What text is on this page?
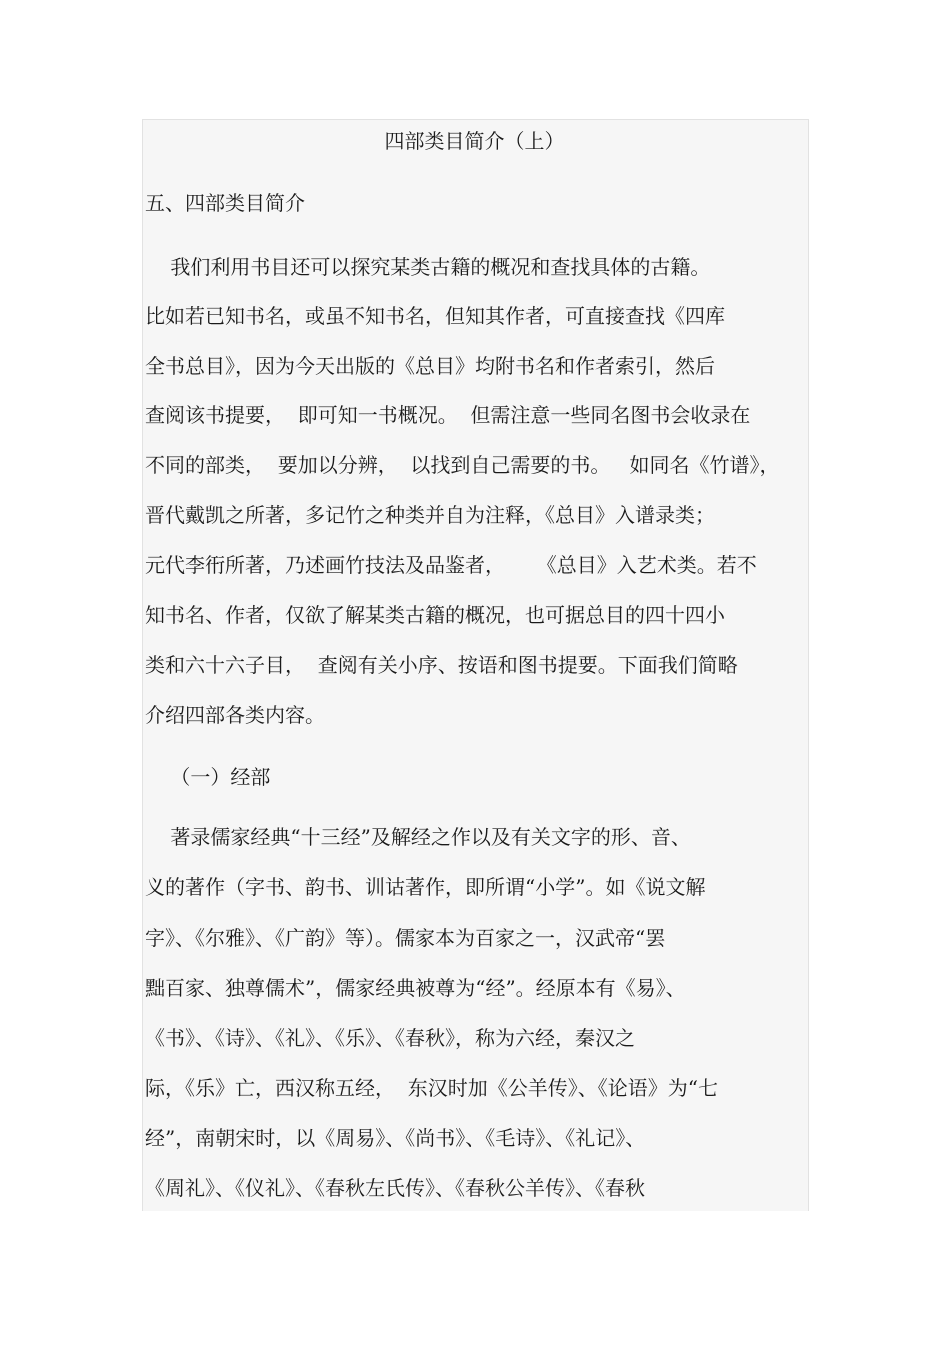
四部类目简介（上）
五、四部类目简介
我们利用书目还可以探究某类古籍的概况和查找具体的古籍。
比如若已知书名，或虽不知书名，但知其作者，可直接查找《四库
全书总目》，因为今天出版的《总目》均附书名和作者索引，然后
查阅该书提要，  即可知一书概况。  但需注意一些同名图书会收录在
不同的部类，  要加以分辨，  以找到自己需要的书。   如同名《竹谱》，
晋代戴凯之所著，多记竹之种类并自为注释，《总目》入谱录类；
元代李衎所著，乃述画竹技法及品鉴者，     《总目》入艺术类。若不
知书名、作者，仅欲了解某类古籍的概况，也可据总目的四十四小
类和六十六子目，  查阅有关小序、按语和图书提要。下面我们简略
介绍四部各类内容。
（一）经部
著录儒家经典“十三经”及解经之作以及有关文字的形、音、
义的著作（字书、韵书、训诂著作，即所谓“小学”。如《说文解
字》、《尔雅》、《广韵》等）。儒家本为百家之一，汉武帝“罢
黜百家、独尊儒术”，儒家经典被尊为“经”。经原本有《易》、
《书》、《诗》、《礼》、《乐》、《春秋》，称为六经，秦汉之
际，《乐》亡，西汉称五经，  东汉时加《公羊传》、《论语》为“七
经”，南朝宋时，以《周易》、《尚书》、《毛诗》、《礼记》、
《周礼》、《仪礼》、《春秋左氏传》、《春秋公羊传》、《春秋
